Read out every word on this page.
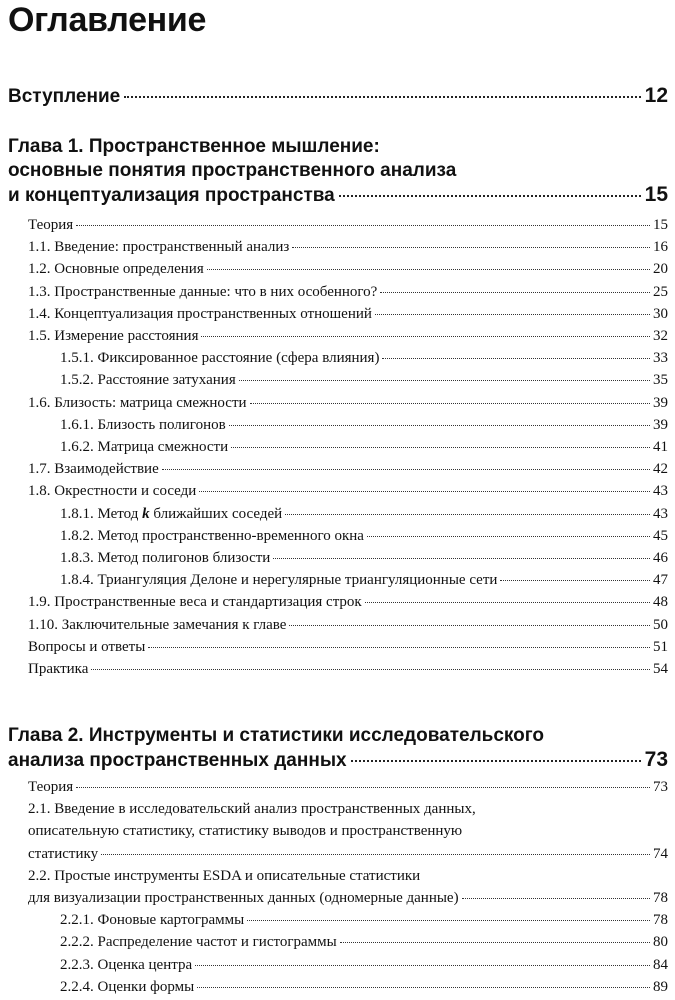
Оглавление
Вступление	12
Глава 1. Пространственное мышление:
основные понятия пространственного анализа
и концептуализация пространства	15
Теория	15
1.1. Введение: пространственный анализ	16
1.2. Основные определения	20
1.3. Пространственные данные: что в них особенного?	25
1.4. Концептуализация пространственных отношений	30
1.5. Измерение расстояния	32
1.5.1. Фиксированное расстояние (сфера влияния)	33
1.5.2. Расстояние затухания	35
1.6. Близость: матрица смежности	39
1.6.1. Близость полигонов	39
1.6.2. Матрица смежности	41
1.7. Взаимодействие	42
1.8. Окрестности и соседи	43
1.8.1. Метод k ближайших соседей	43
1.8.2. Метод пространственно-временного окна	45
1.8.3. Метод полигонов близости	46
1.8.4. Триангуляция Делоне и нерегулярные триангуляционные сети	47
1.9. Пространственные веса и стандартизация строк	48
1.10. Заключительные замечания к главе	50
Вопросы и ответы	51
Практика	54
Глава 2. Инструменты и статистики исследовательского
анализа пространственных данных	73
Теория	73
2.1. Введение в исследовательский анализ пространственных данных,
описательную статистику, статистику выводов и пространственную
статистику	74
2.2. Простые инструменты ESDA и описательные статистики
для визуализации пространственных данных (одномерные данные)	78
2.2.1. Фоновые картограммы	78
2.2.2. Распределение частот и гистограммы	80
2.2.3. Оценка центра	84
2.2.4. Оценки формы	89
